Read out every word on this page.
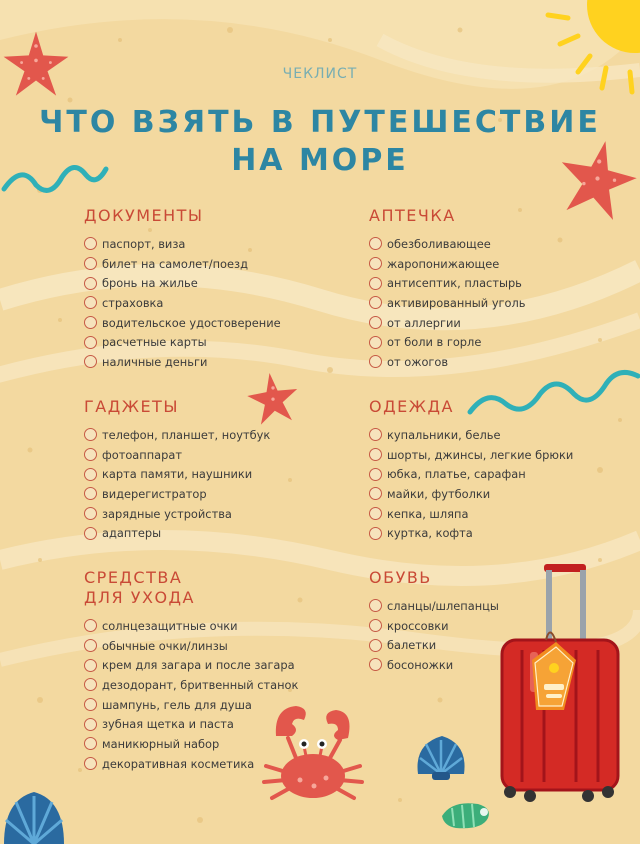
ЧЕКЛИСТ
ЧТО ВЗЯТЬ В ПУТЕШЕСТВИЕ
НА МОРЕ
ДОКУМЕНТЫ
паспорт, виза
билет на самолет/поезд
бронь на жилье
страховка
водительское удостоверение
расчетные карты
наличные деньги
АПТЕЧКА
обезболивающее
жаропонижающее
антисептик, пластырь
активированный уголь
от аллергии
от боли в горле
от ожогов
ГАДЖЕТЫ
телефон, планшет, ноутбук
фотоаппарат
карта памяти, наушники
видерегистратор
зарядные устройства
адаптеры
ОДЕЖДА
купальники, белье
шорты, джинсы, легкие брюки
юбка, платье, сарафан
майки, футболки
кепка, шляпа
куртка, кофта
СРЕДСТВА
ДЛЯ УХОДА
солнцезащитные очки
обычные очки/линзы
крем для загара и после загара
дезодорант, бритвенный станок
шампунь, гель для душа
зубная щетка и паста
маникюрный набор
декоративная косметика
ОБУВЬ
сланцы/шлепанцы
кроссовки
балетки
босоножки
